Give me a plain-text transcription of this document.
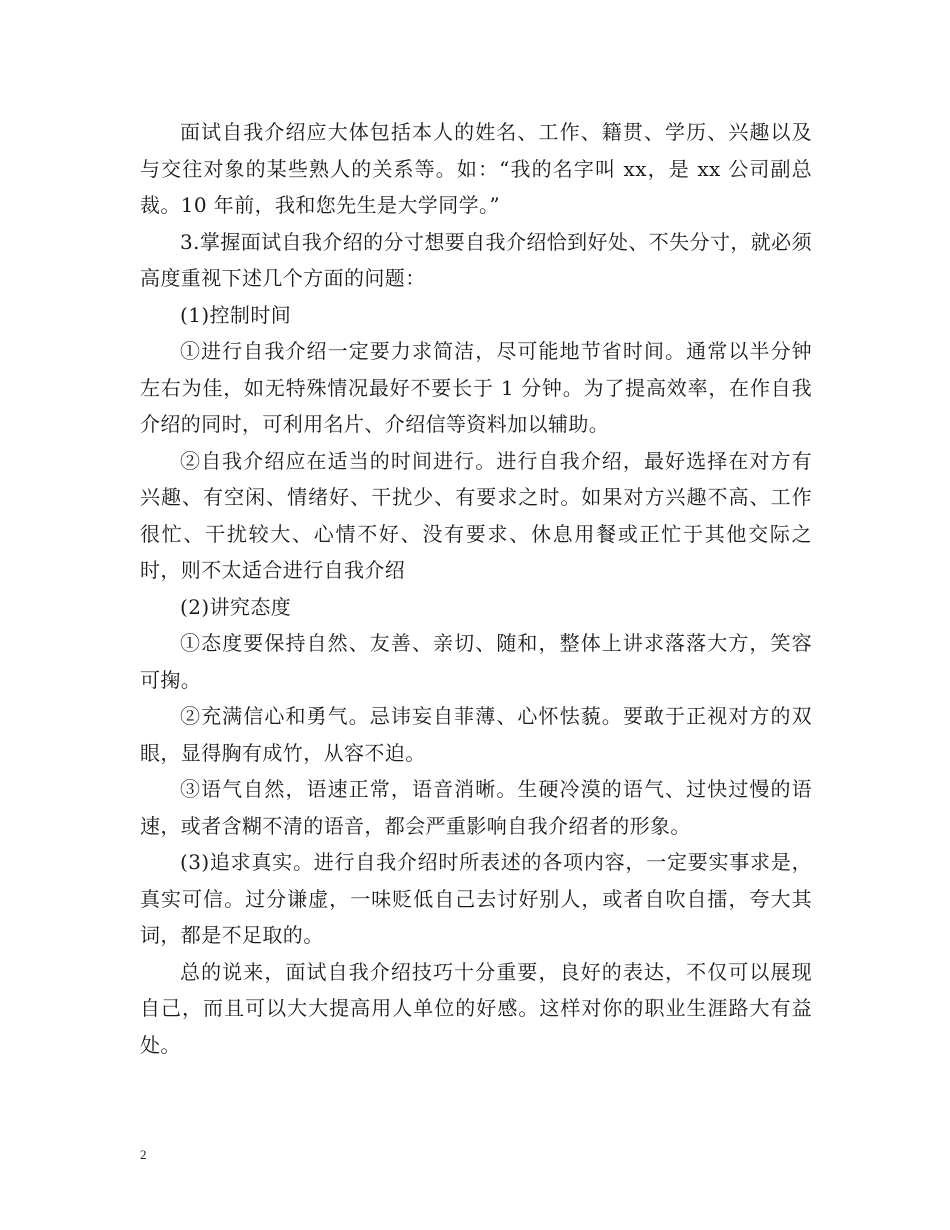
面试自我介绍应大体包括本人的姓名、工作、籍贯、学历、兴趣以及与交往对象的某些熟人的关系等。如：“我的名字叫 xx，是 xx 公司副总裁。10 年前，我和您先生是大学同学。”

3.掌握面试自我介绍的分寸想要自我介绍恰到好处、不失分寸，就必须高度重视下述几个方面的问题：

(1)控制时间

①进行自我介绍一定要力求简洁，尽可能地节省时间。通常以半分钟左右为佳，如无特殊情况最好不要长于 1 分钟。为了提高效率，在作自我介绍的同时，可利用名片、介绍信等资料加以辅助。

②自我介绍应在适当的时间进行。进行自我介绍，最好选择在对方有兴趣、有空闲、情绪好、干扰少、有要求之时。如果对方兴趣不高、工作很忙、干扰较大、心情不好、没有要求、休息用餐或正忙于其他交际之时，则不太适合进行自我介绍

(2)讲究态度

①态度要保持自然、友善、亲切、随和，整体上讲求落落大方，笑容可掬。

②充满信心和勇气。忌讳妄自菲薄、心怀怯藐。要敢于正视对方的双眼，显得胸有成竹，从容不迫。

③语气自然，语速正常，语音消晰。生硬冷漠的语气、过快过慢的语速，或者含糊不清的语音，都会严重影响自我介绍者的形象。

(3)追求真实。进行自我介绍时所表述的各项内容，一定要实事求是，真实可信。过分谦虚，一味贬低自己去讨好别人，或者自吹自擂，夸大其词，都是不足取的。

总的说来，面试自我介绍技巧十分重要，良好的表达，不仅可以展现自己，而且可以大大提高用人单位的好感。这样对你的职业生涯路大有益处。

2
